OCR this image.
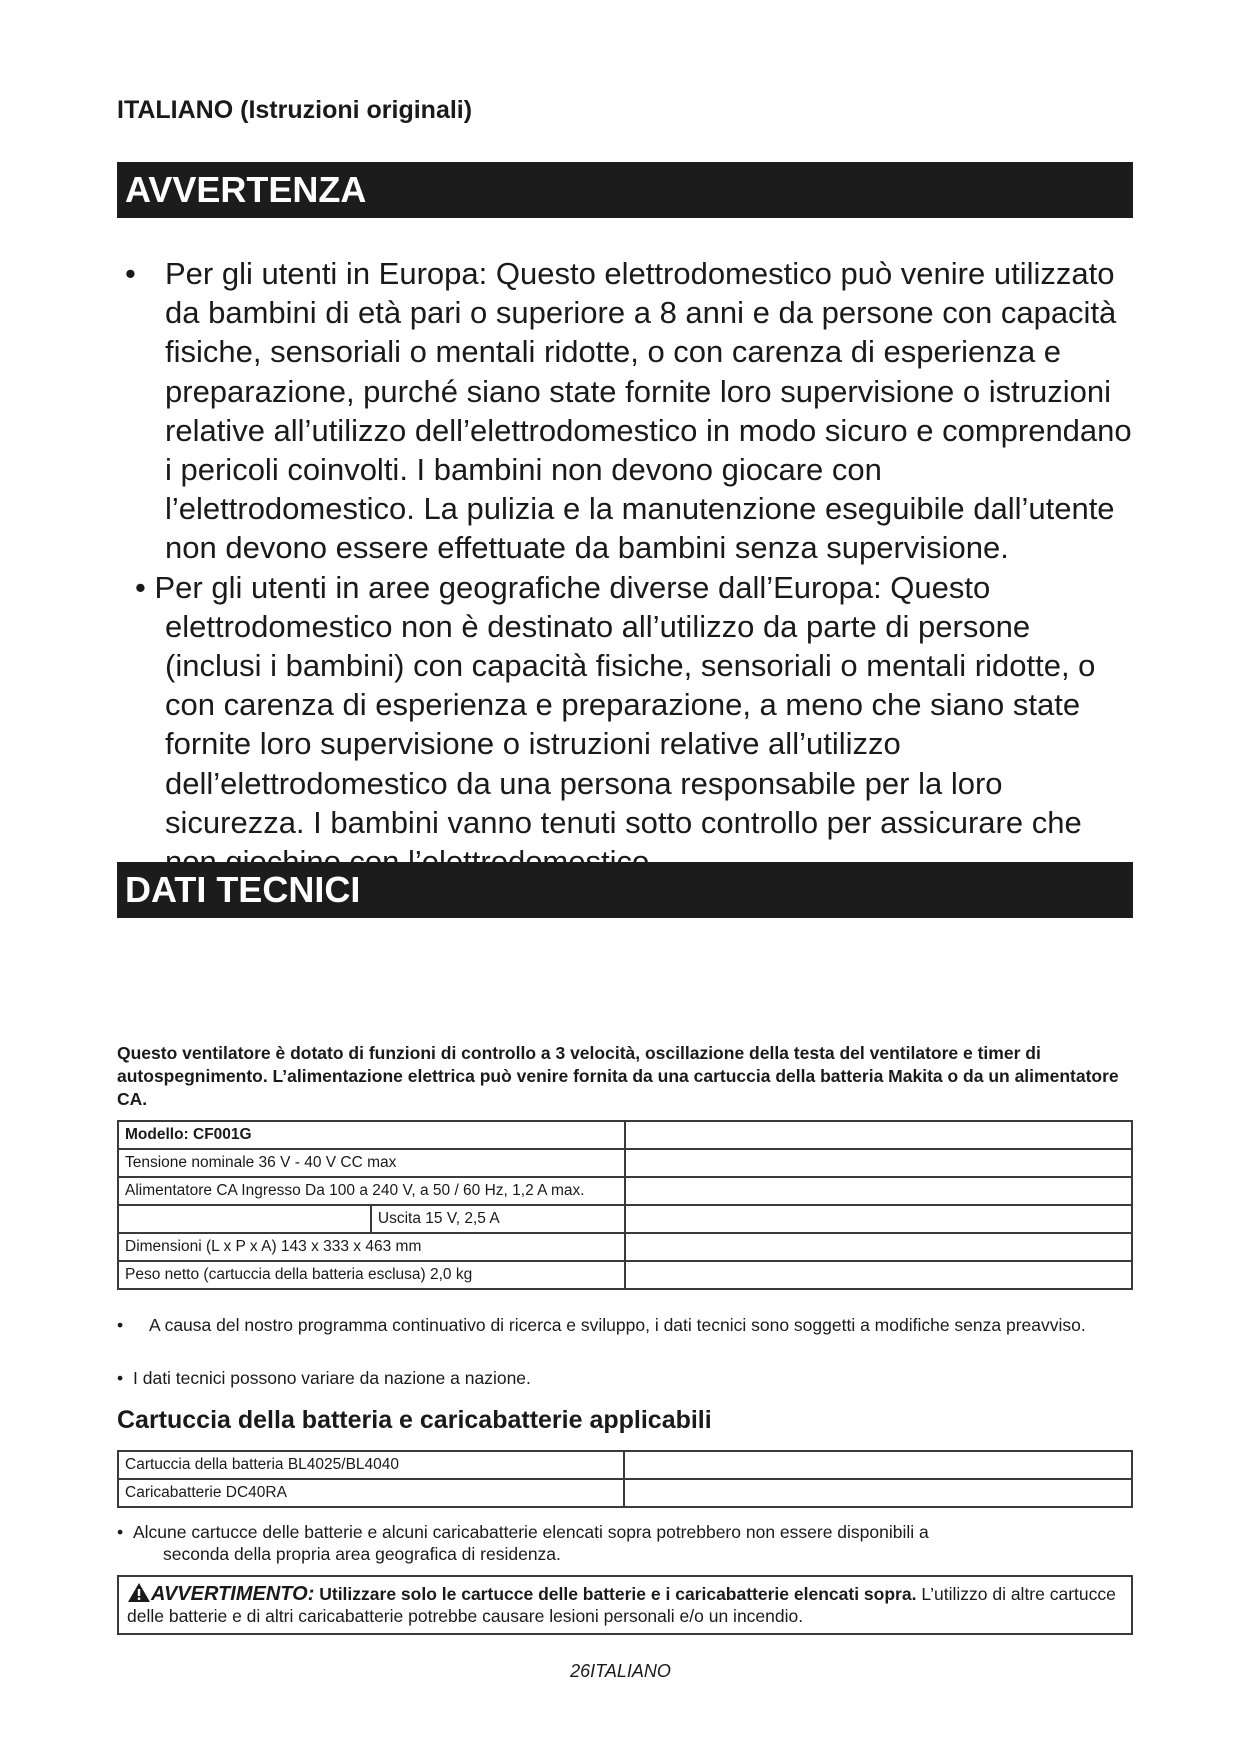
ITALIANO (Istruzioni originali)
AVVERTENZA
• Per gli utenti in Europa: Questo elettrodomestico può venire utilizzato da bambini di età pari o superiore a 8 anni e da persone con capacità fisiche, sensoriali o mentali ridotte, o con carenza di esperienza e preparazione, purché siano state fornite loro supervisione o istruzioni relative all’utilizzo dell’elettrodomestico in modo sicuro e comprendano i pericoli coinvolti. I bambini non devono giocare con l’elettrodomestico. La pulizia e la manutenzione eseguibile dall’utente non devono essere effettuate da bambini senza supervisione.
• Per gli utenti in aree geografiche diverse dall’Europa: Questo elettrodomestico non è destinato all’utilizzo da parte di persone (inclusi i bambini) con capacità fisiche, sensoriali o mentali ridotte, o con carenza di esperienza e preparazione, a meno che siano state fornite loro supervisione o istruzioni relative all’utilizzo dell’elettrodomestico da una persona responsabile per la loro sicurezza. I bambini vanno tenuti sotto controllo per assicurare che
DATI TECNICI
Questo ventilatore è dotato di funzioni di controllo a 3 velocità, oscillazione della testa del ventilatore e timer di autospegnimento. L’alimentazione elettrica può venire fornita da una cartuccia della batteria Makita o da un alimentatore CA.
Modello: CF001G		
Tensione nominale 36 V - 40 V CC max		
Alimentatore CA Ingresso Da 100 a 240 V, a 50 / 60 Hz, 1,2 A max.		
	Uscita 15 V, 2,5 A	
Dimensioni (L x P x A) 143 x 333 x 463 mm		
Peso netto (cartuccia della batteria esclusa) 2,0 kg		
• A causa del nostro programma continuativo di ricerca e sviluppo, i dati tecnici sono soggetti a modifiche senza preavviso.
• I dati tecnici possono variare da nazione a nazione.
Cartuccia della batteria e caricabatterie applicabili
Cartuccia della batteria BL4025/BL4040	
Caricabatterie DC40RA	
• Alcune cartucce delle batterie e alcuni caricabatterie elencati sopra potrebbero non essere disponibili a
seconda della propria area geografica di residenza.
AVVERTIMENTO: Utilizzare solo le cartucce delle batterie e i caricabatterie elencati sopra. L’utilizzo di altre cartucce delle batterie e di altri caricabatterie potrebbe causare lesioni personali e/o un incendio.
26ITALIANO
